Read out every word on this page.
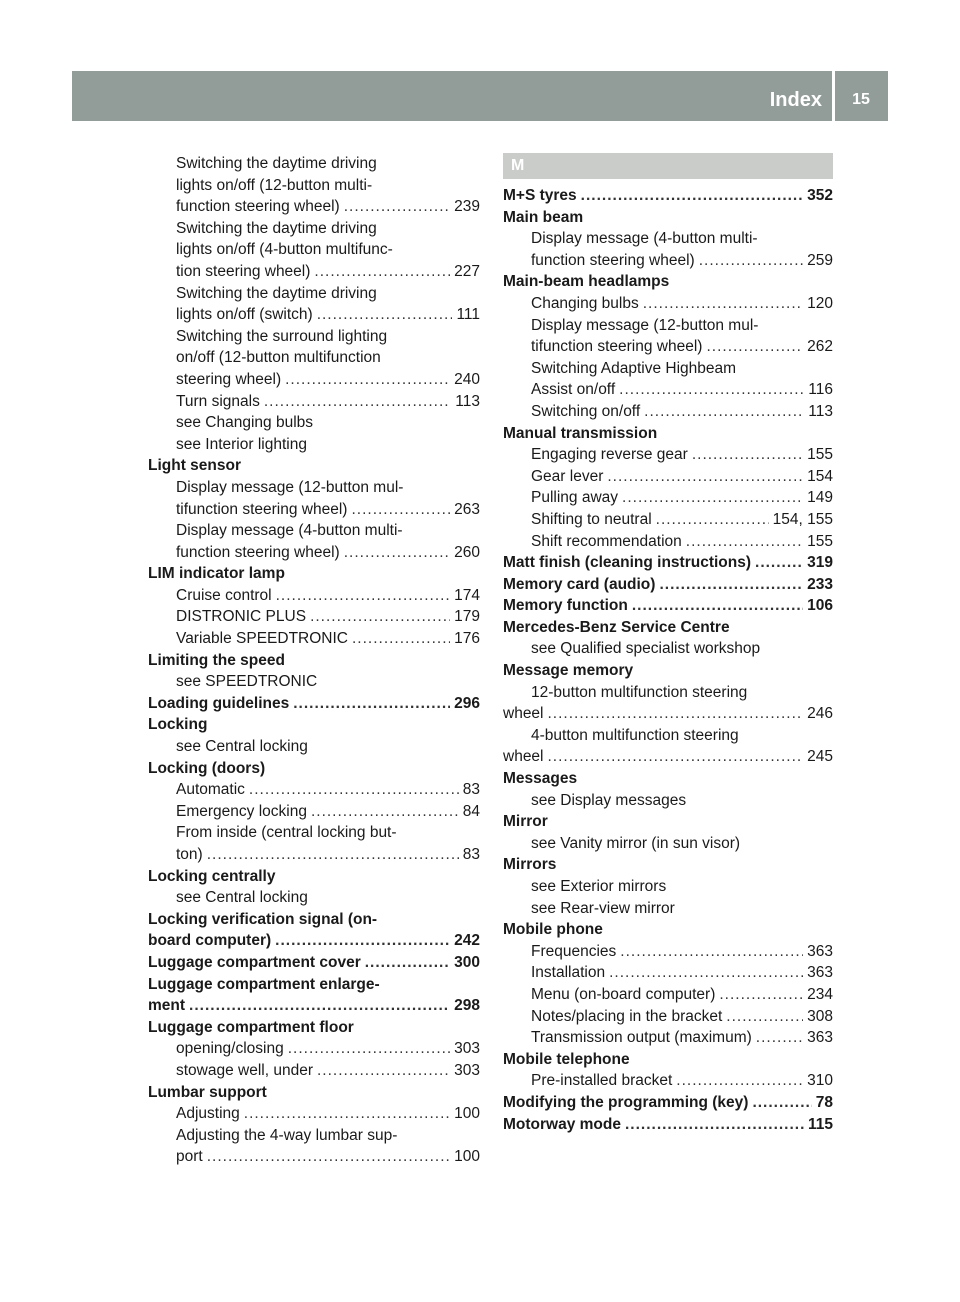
Index	15
Switching the daytime driving
lights on/off (12-button multi-
function steering wheel) .....	239
Switching the daytime driving
lights on/off (4-button multifunc-
tion steering wheel) .....	227
Switching the daytime driving
lights on/off (switch) .....	111
Switching the surround lighting
on/off (12-button multifunction
steering wheel) .....	240
Turn signals .....	113
see Changing bulbs
see Interior lighting
Light sensor
Display message (12-button mul-
tifunction steering wheel) .....	263
Display message (4-button multi-
function steering wheel) .....	260
LIM indicator lamp
Cruise control .....	174
DISTRONIC PLUS .....	179
Variable SPEEDTRONIC .....	176
Limiting the speed
see SPEEDTRONIC
Loading guidelines .....	296
Locking
see Central locking
Locking (doors)
Automatic .....	83
Emergency locking .....	84
From inside (central locking but-
ton) .....	83
Locking centrally
see Central locking
Locking verification signal (on-
board computer) .....	242
Luggage compartment cover .....	300
Luggage compartment enlarge-
ment .....	298
Luggage compartment floor
opening/closing .....	303
stowage well, under .....	303
Lumbar support
Adjusting .....	100
Adjusting the 4-way lumbar sup-
port .....	100
M
M+S tyres .....	352
Main beam
Display message (4-button multi-
function steering wheel) .....	259
Main-beam headlamps
Changing bulbs .....	120
Display message (12-button mul-
tifunction steering wheel) .....	262
Switching Adaptive Highbeam
Assist on/off .....	116
Switching on/off .....	113
Manual transmission
Engaging reverse gear .....	155
Gear lever .....	154
Pulling away .....	149
Shifting to neutral .....	154, 155
Shift recommendation .....	155
Matt finish (cleaning instructions) .....	319
Memory card (audio) .....	233
Memory function .....	106
Mercedes-Benz Service Centre
see Qualified specialist workshop
Message memory
12-button multifunction steering
wheel .....	246
4-button multifunction steering
wheel .....	245
Messages
see Display messages
Mirror
see Vanity mirror (in sun visor)
Mirrors
see Exterior mirrors
see Rear-view mirror
Mobile phone
Frequencies .....	363
Installation .....	363
Menu (on-board computer) .....	234
Notes/placing in the bracket .....	308
Transmission output (maximum) .....	363
Mobile telephone
Pre-installed bracket .....	310
Modifying the programming (key) .....	78
Motorway mode .....	115
